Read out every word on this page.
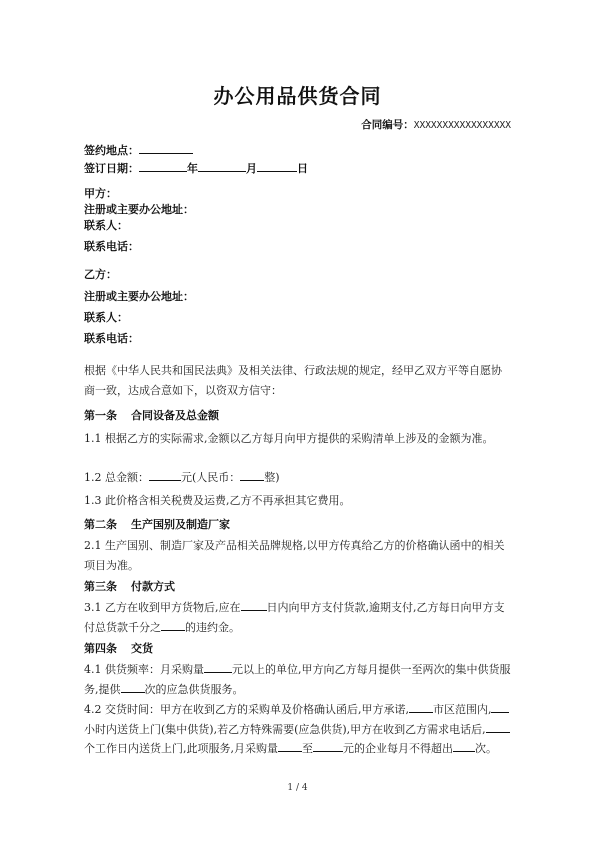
办公用品供货合同
合同编号：XXXXXXXXXXXXXXXXX
签约地点：
签订日期：	年	月	日
甲方：
注册或主要办公地址：
联系人：
联系电话：
乙方：
注册或主要办公地址：
联系人：
联系电话：
根据《中华人民共和国民法典》及相关法律、行政法规的规定，经甲乙双方平等自愿协商一致，达成合意如下，以资双方信守：
第一条 合同设备及总金额
1.1 根据乙方的实际需求,金额以乙方每月向甲方提供的采购清单上涉及的金额为准。
1.2 总金额：	元(人民币： 整)
1.3 此价格含相关税费及运费,乙方不再承担其它费用。
第二条 生产国别及制造厂家
2.1 生产国别、制造厂家及产品相关品牌规格,以甲方传真给乙方的价格确认函中的相关项目为准。
第三条 付款方式
3.1 乙方在收到甲方货物后,应在 日内向甲方支付货款,逾期支付,乙方每日向甲方支付总货款千分之 的违约金。
第四条 交货
4.1 供货频率：月采购量	元以上的单位,甲方向乙方每月提供一至两次的集中供货服务,提供 次的应急供货服务。
4.2 交货时间：甲方在收到乙方的采购单及价格确认函后,甲方承诺, 市区范围内,小时内送货上门(集中供货),若乙方特殊需要(应急供货),甲方在收到乙方需求电话后,个工作日内送货上门,此项服务,月采购量 至	元的企业每月不得超出 次。
1 / 4
